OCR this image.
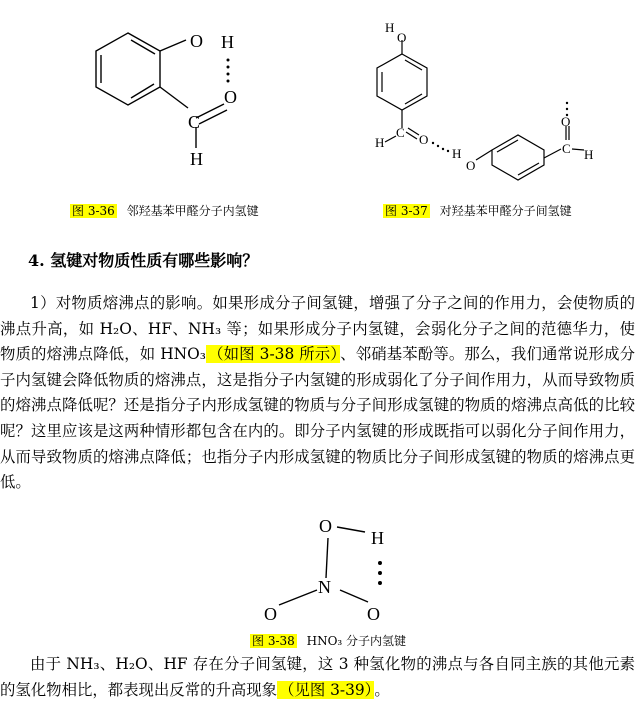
O H
O
C
H
H
O
C
H	O
H
O
O
C H
图 3-36 邻羟基苯甲醛分子内氢键	图 3-37 对羟基苯甲醛分子间氢键
4. 氢键对物质性质有哪些影响？

1）对物质熔沸点的影响。如果形成分子间氢键，增强了分子之间的作用力，会使物质的沸点升高，如 H₂O、HF、NH₃ 等；如果形成分子内氢键，会弱化分子之间的范德华力，使物质的熔沸点降低，如 HNO₃ （如图 3-38 所示） 、邻硝基苯酚等。那么，我们通常说形成分子内氢键会降低物质的熔沸点，这是指分子内氢键的形成弱化了分子间作用力，从而导致物质的熔沸点降低呢？还是指分子内形成氢键的物质与分子间形成氢键的物质的熔沸点高低的比较呢？这里应该是这两种情形都包含在内的。即分子内氢键的形成既指可以弱化分子间作用力，从而导致物质的熔沸点降低；也指分子内形成氢键的物质比分子间形成氢键的物质的熔沸点更低。

O
H
N
O	O
图 3-38 HNO₃ 分子内氢键

由于 NH₃、H₂O、HF 存在分子间氢键，这 3 种氢化物的沸点与各自同主族的其他元素的氢化物相比，都表现出反常的升高现象 （见图 3-39） 。
